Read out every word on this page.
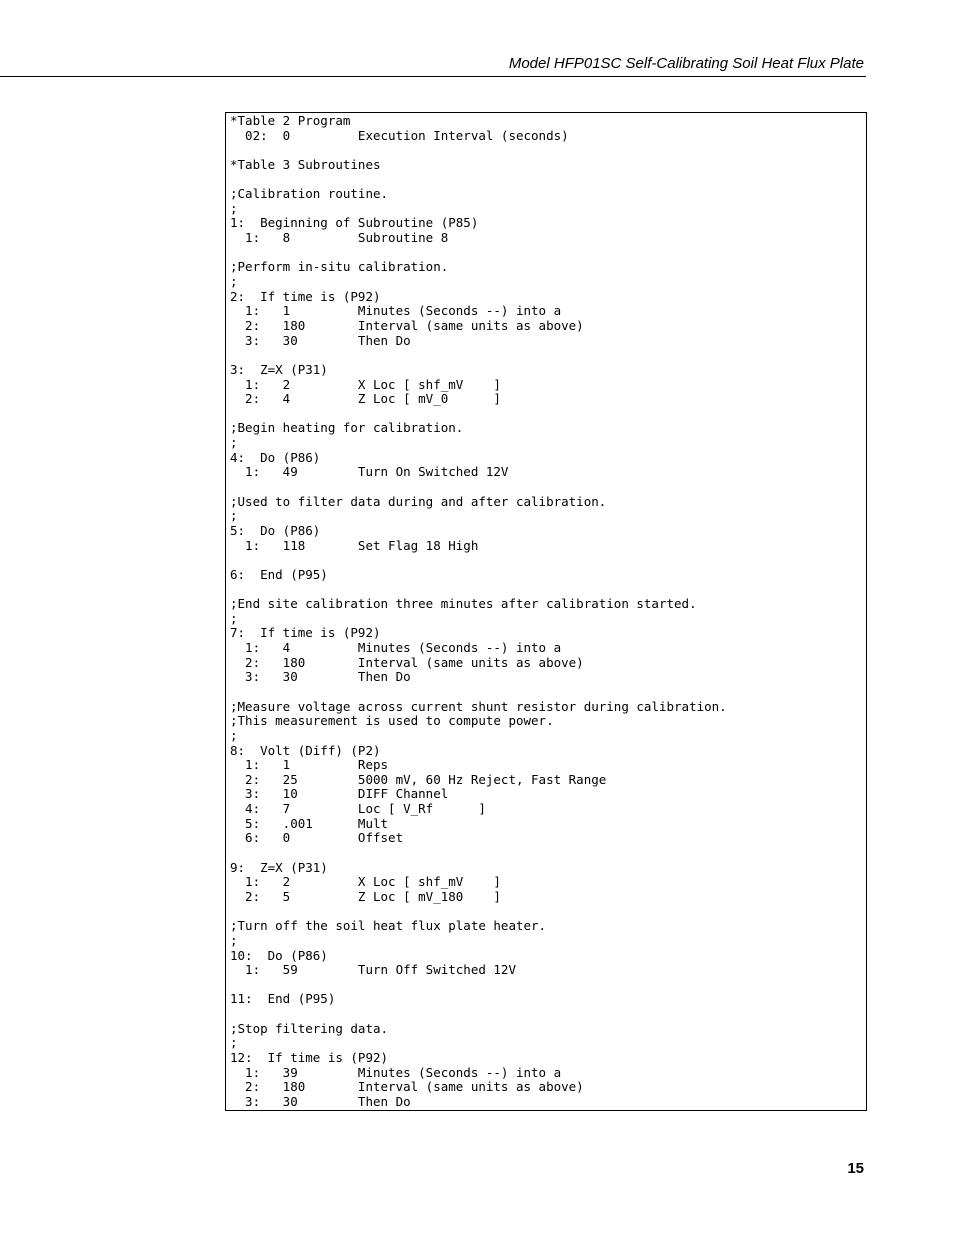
Model HFP01SC Self-Calibrating Soil Heat Flux Plate
*Table 2 Program
02:  0         Execution Interval (seconds)
*Table 3 Subroutines
;Calibration routine.
;
1:  Beginning of Subroutine (P85)
1:   8         Subroutine 8
;Perform in-situ calibration.
;
2:  If time is (P92)
1:   1         Minutes (Seconds --) into a
2:   180       Interval (same units as above)
3:   30        Then Do
3:  Z=X (P31)
1:   2         X Loc [ shf_mV    ]
2:   4         Z Loc [ mV_0      ]
;Begin heating for calibration.
;
4:  Do (P86)
1:   49        Turn On Switched 12V
;Used to filter data during and after calibration.
;
5:  Do (P86)
1:   118       Set Flag 18 High
6:  End (P95)
;End site calibration three minutes after calibration started.
;
7:  If time is (P92)
1:   4         Minutes (Seconds --) into a
2:   180       Interval (same units as above)
3:   30        Then Do
;Measure voltage across current shunt resistor during calibration.
;This measurement is used to compute power.
;
8:  Volt (Diff) (P2)
1:   1         Reps
2:   25        5000 mV, 60 Hz Reject, Fast Range
3:   10        DIFF Channel
4:   7         Loc [ V_Rf      ]
5:   .001      Mult
6:   0         Offset
9:  Z=X (P31)
1:   2         X Loc [ shf_mV    ]
2:   5         Z Loc [ mV_180    ]
;Turn off the soil heat flux plate heater.
;
10:  Do (P86)
1:   59        Turn Off Switched 12V
11:  End (P95)
;Stop filtering data.
;
12:  If time is (P92)
1:   39        Minutes (Seconds --) into a
2:   180       Interval (same units as above)
3:   30        Then Do
15
